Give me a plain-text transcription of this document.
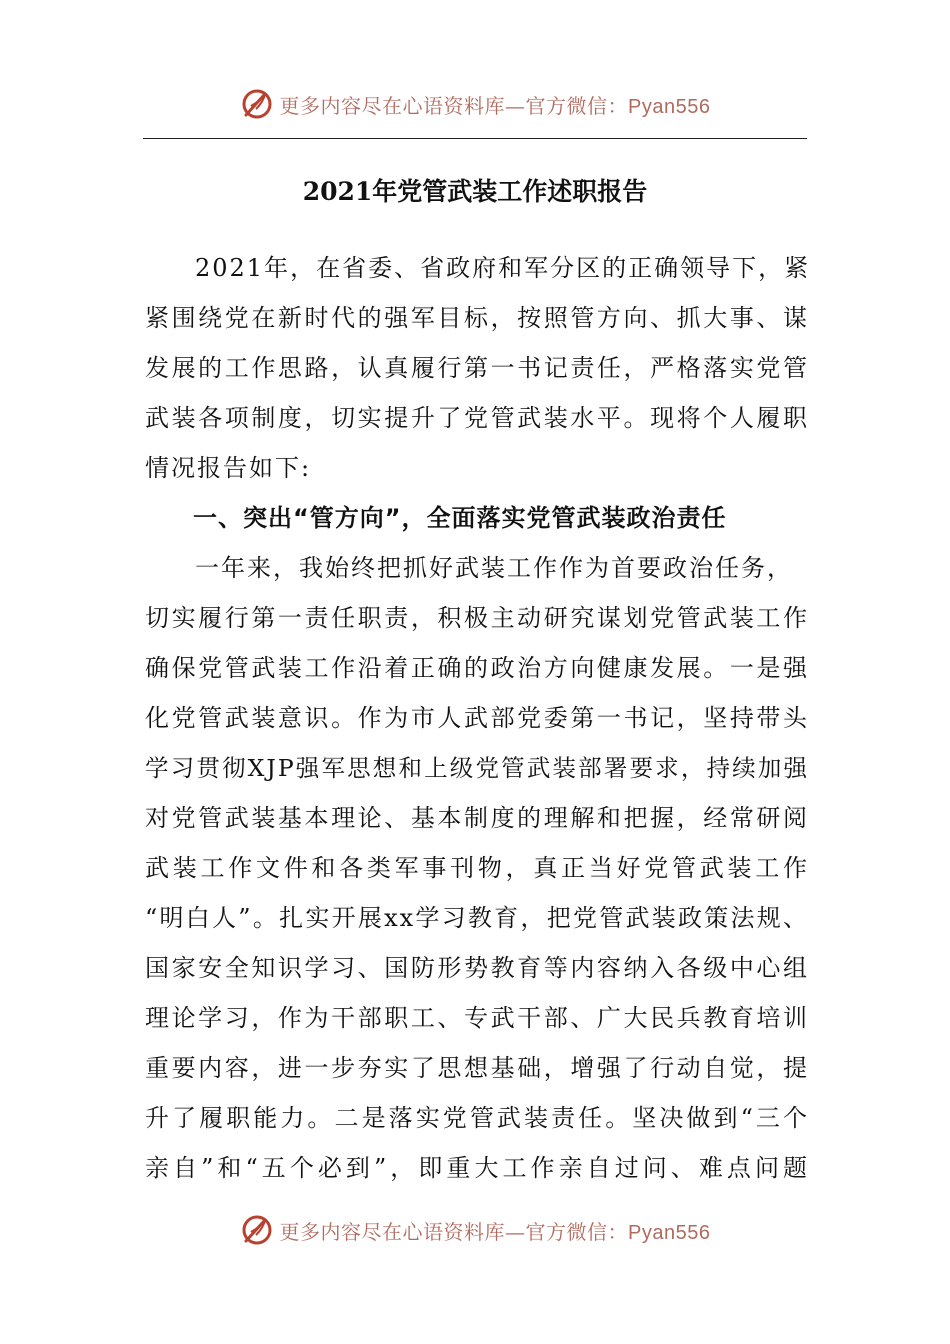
更多内容尽在心语资料库—官方微信：Pyan556
2021年党管武装工作述职报告
2021年，在省委、省政府和军分区的正确领导下，紧
紧围绕党在新时代的强军目标，按照管方向、抓大事、谋
发展的工作思路，认真履行第一书记责任，严格落实党管
武装各项制度，切实提升了党管武装水平。现将个人履职
情况报告如下:
一、突出“管方向”，全面落实党管武装政治责任
一年来，我始终把抓好武装工作作为首要政治任务，
切实履行第一责任职责，积极主动研究谋划党管武装工作
确保党管武装工作沿着正确的政治方向健康发展。一是强
化党管武装意识。作为市人武部党委第一书记，坚持带头
学习贯彻XJP强军思想和上级党管武装部署要求，持续加强
对党管武装基本理论、基本制度的理解和把握，经常研阅
武装工作文件和各类军事刊物，真正当好党管武装工作
“明白人”。扎实开展xx学习教育，把党管武装政策法规、
国家安全知识学习、国防形势教育等内容纳入各级中心组
理论学习，作为干部职工、专武干部、广大民兵教育培训
重要内容，进一步夯实了思想基础，增强了行动自觉，提
升了履职能力。二是落实党管武装责任。坚决做到“三个
亲自”和“五个必到”，即重大工作亲自过问、难点问题
更多内容尽在心语资料库—官方微信：Pyan556
